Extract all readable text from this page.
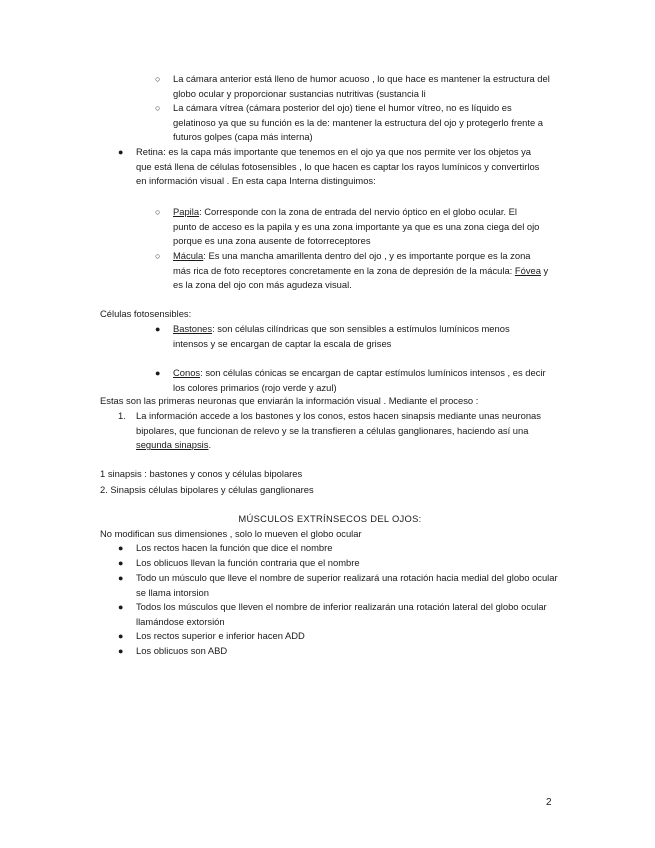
○ La cámara anterior está lleno de humor acuoso , lo que hace es mantener la estructura del globo ocular y proporcionar sustancias nutritivas (sustancia li
○ La cámara vítrea (cámara posterior del ojo) tiene el humor vítreo, no es líquido es gelatinoso ya que su función es la de: mantener la estructura del ojo y protegerlo frente a futuros golpes (capa más interna)
● Retina: es la capa más importante que tenemos en el ojo ya que nos permite ver los objetos ya que está llena de células fotosensibles , lo que hacen es captar los rayos lumínicos y convertirlos en información visual . En esta capa Interna distinguimos:
○ Papila: Corresponde con la zona de entrada del nervio óptico en el globo ocular. El punto de acceso es la papila y es una zona importante ya que es una zona ciega del ojo porque es una zona ausente de fotorreceptores
○ Mácula: Es una mancha amarillenta dentro del ojo , y es importante porque es la zona más rica de foto receptores concretamente en la zona de depresión de la mácula: Fóvea y es la zona del ojo con más agudeza visual.
Células fotosensibles:
● Bastones: son células cilíndricas que son sensibles a estímulos lumínicos menos intensos y se encargan de captar la escala de grises
● Conos: son células cónicas se encargan de captar estímulos lumínicos intensos , es decir los colores primarios (rojo verde y azul)
Estas son las primeras neuronas que enviarán la información visual . Mediante el proceso :
1. La información accede a los bastones y los conos, estos hacen sinapsis mediante unas neuronas bipolares, que funcionan de relevo y se la transfieren a células ganglionares, haciendo así una segunda sinapsis.
1 sinapsis : bastones y conos y células bipolares
2. Sinapsis células bipolares y células ganglionares
MÚSCULOS EXTRÍNSECOS DEL OJOS:
No modifican sus dimensiones , solo lo mueven el globo ocular
● Los rectos hacen la función que dice el nombre
● Los oblicuos llevan la función contraria que el nombre
● Todo un músculo que lleve el nombre de superior realizará una rotación hacia medial del globo ocular se llama intorsion
● Todos los músculos que lleven el nombre de inferior realizarán una rotación lateral del globo ocular llamándose extorsión
● Los rectos superior e inferior hacen ADD
● Los oblicuos son ABD
2
